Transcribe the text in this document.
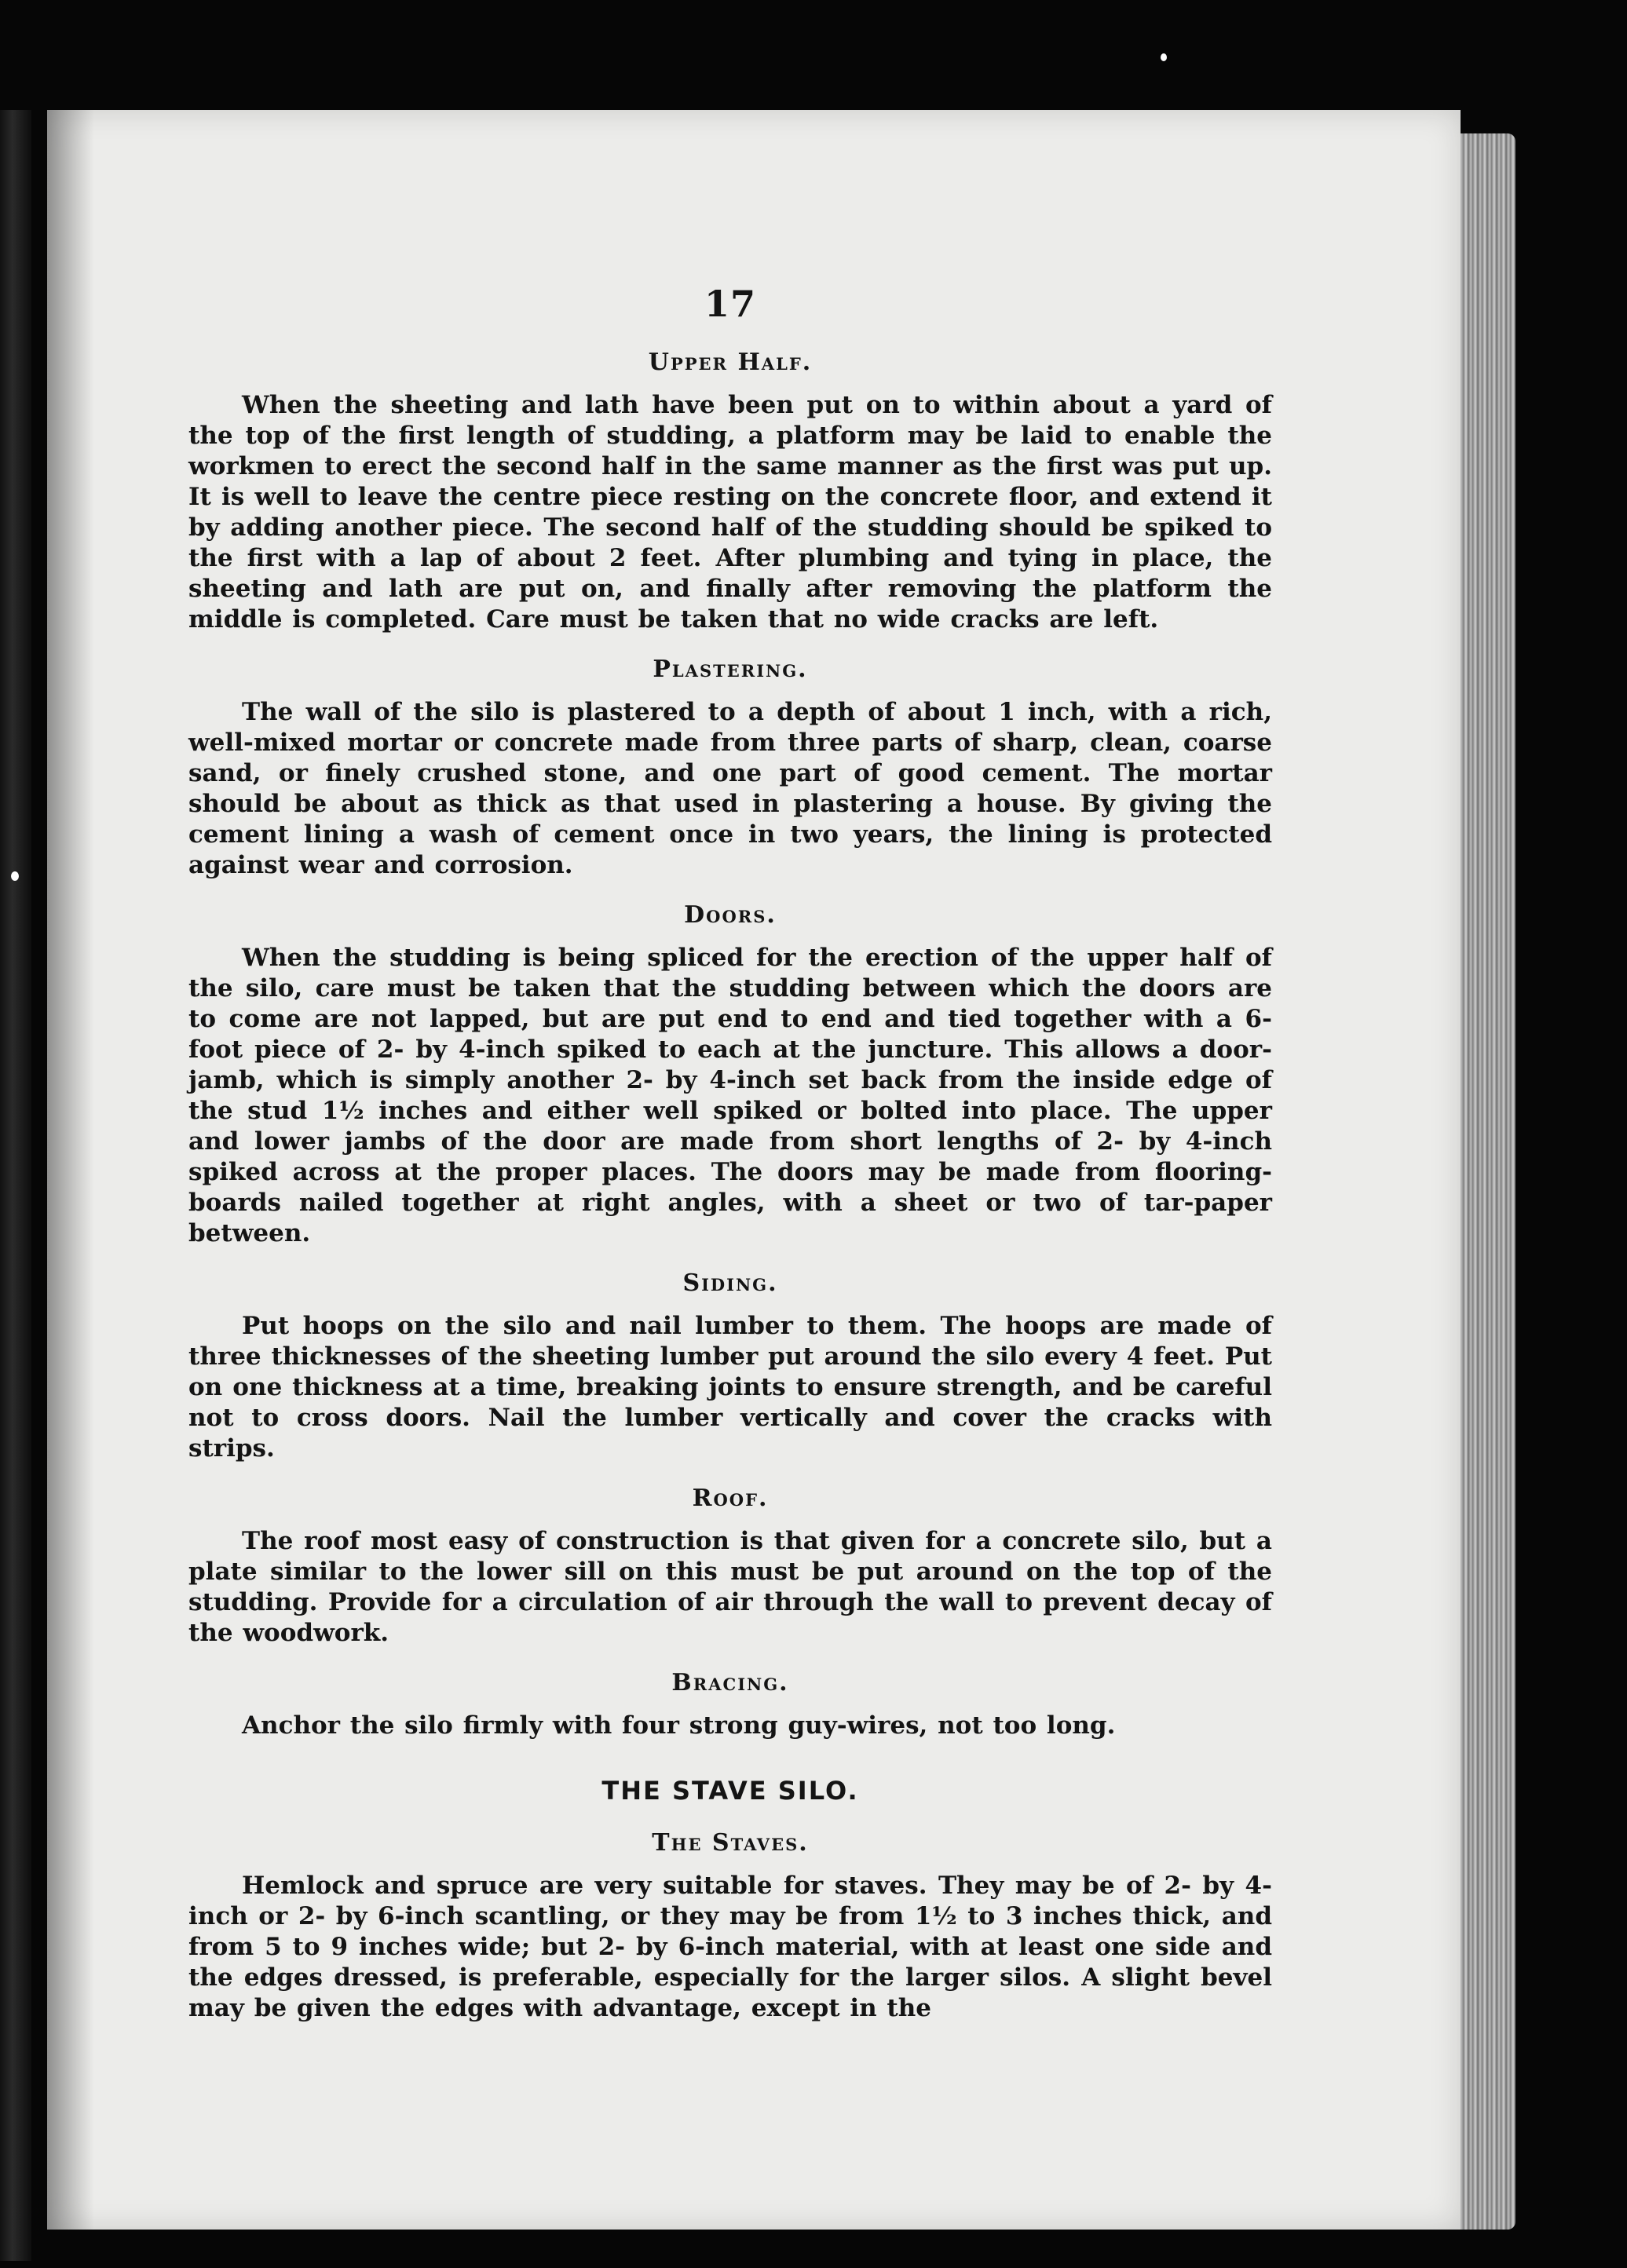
17
Upper Half.

When the sheeting and lath have been put on to within about a yard of the top of the first length of studding, a platform may be laid to enable the workmen to erect the second half in the same manner as the first was put up. It is well to leave the centre piece resting on the concrete floor, and extend it by adding another piece. The second half of the studding should be spiked to the first with a lap of about 2 feet. After plumbing and tying in place, the sheeting and lath are put on, and finally after removing the platform the middle is completed. Care must be taken that no wide cracks are left.

Plastering.

The wall of the silo is plastered to a depth of about 1 inch, with a rich, well-mixed mortar or concrete made from three parts of sharp, clean, coarse sand, or finely crushed stone, and one part of good cement. The mortar should be about as thick as that used in plastering a house. By giving the cement lining a wash of cement once in two years, the lining is protected against wear and corrosion.

Doors.

When the studding is being spliced for the erection of the upper half of the silo, care must be taken that the studding between which the doors are to come are not lapped, but are put end to end and tied together with a 6-foot piece of 2- by 4-inch spiked to each at the juncture. This allows a door-jamb, which is simply another 2- by 4-inch set back from the inside edge of the stud 1½ inches and either well spiked or bolted into place. The upper and lower jambs of the door are made from short lengths of 2- by 4-inch spiked across at the proper places. The doors may be made from flooring-boards nailed together at right angles, with a sheet or two of tar-paper between.

Siding.

Put hoops on the silo and nail lumber to them. The hoops are made of three thicknesses of the sheeting lumber put around the silo every 4 feet. Put on one thickness at a time, breaking joints to ensure strength, and be careful not to cross doors. Nail the lumber vertically and cover the cracks with strips.

Roof.

The roof most easy of construction is that given for a concrete silo, but a plate similar to the lower sill on this must be put around on the top of the studding. Provide for a circulation of air through the wall to prevent decay of the woodwork.

Bracing.

Anchor the silo firmly with four strong guy-wires, not too long.

THE STAVE SILO.
The Staves.

Hemlock and spruce are very suitable for staves. They may be of 2- by 4-inch or 2- by 6-inch scantling, or they may be from 1½ to 3 inches thick, and from 5 to 9 inches wide; but 2- by 6-inch material, with at least one side and the edges dressed, is preferable, especially for the larger silos. A slight bevel may be given the edges with advantage, except in the
